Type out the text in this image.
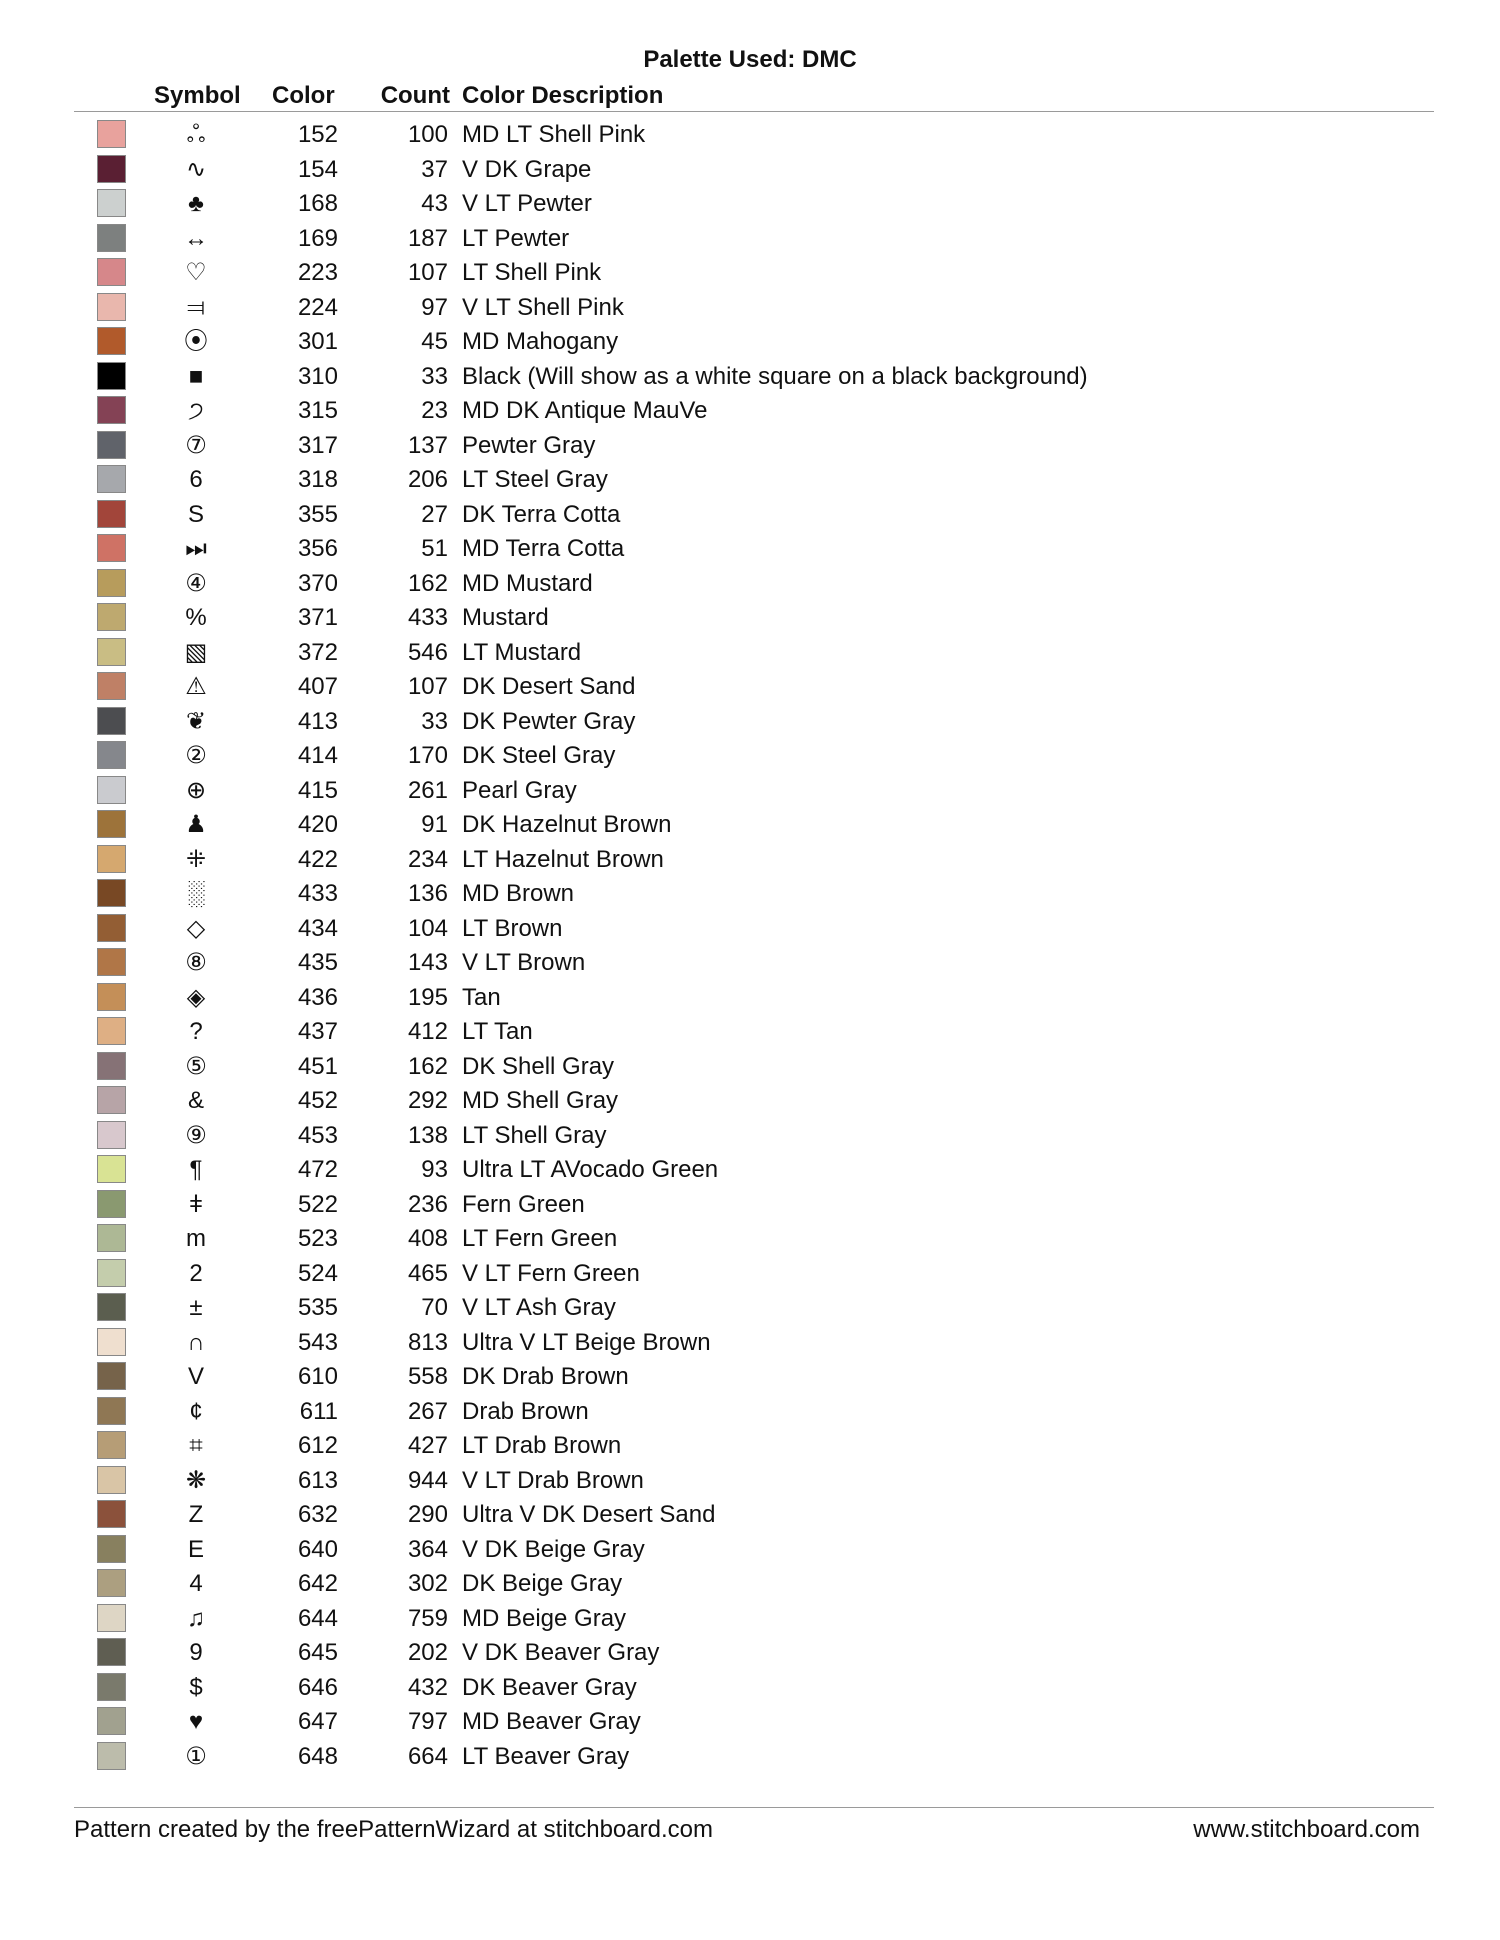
Palette Used: DMC
Symbol Color	Count Color Description
ஃ	152	100 MD LT Shell Pink
∿	154	37 V DK Grape
♣	168	43 V LT Pewter
↔	169	187 LT Pewter
♡	223	107 LT Shell Pink
⫤	224	97 V LT Shell Pink
⦿	301	45 MD Mahogany
■	310	33 Black (Will show as a white square on a black background)
੭	315	23 MD DK Antique MauVe
⑦	317	137 Pewter Gray
6	318	206 LT Steel Gray
S	355	27 DK Terra Cotta
⏭	356	51 MD Terra Cotta
④	370	162 MD Mustard
%	371	433 Mustard
▧	372	546 LT Mustard
⚠	407	107 DK Desert Sand
❦	413	33 DK Pewter Gray
②	414	170 DK Steel Gray
⊕	415	261 Pearl Gray
♟	420	91 DK Hazelnut Brown
⁜	422	234 LT Hazelnut Brown
░	433	136 MD Brown
◇	434	104 LT Brown
⑧	435	143 V LT Brown
◈	436	195 Tan
?	437	412 LT Tan
⑤	451	162 DK Shell Gray
&	452	292 MD Shell Gray
⑨	453	138 LT Shell Gray
¶	472	93 Ultra LT AVocado Green
ǂ	522	236 Fern Green
m	523	408 LT Fern Green
2	524	465 V LT Fern Green
±	535	70 V LT Ash Gray
∩	543	813 Ultra V LT Beige Brown
V	610	558 DK Drab Brown
¢	611	267 Drab Brown
⌗	612	427 LT Drab Brown
❋	613	944 V LT Drab Brown
Z	632	290 Ultra V DK Desert Sand
E	640	364 V DK Beige Gray
4	642	302 DK Beige Gray
♫	644	759 MD Beige Gray
9	645	202 V DK Beaver Gray
$	646	432 DK Beaver Gray
♥	647	797 MD Beaver Gray
①	648	664 LT Beaver Gray
Pattern created by the freePatternWizard at stitchboard.com	www.stitchboard.com
